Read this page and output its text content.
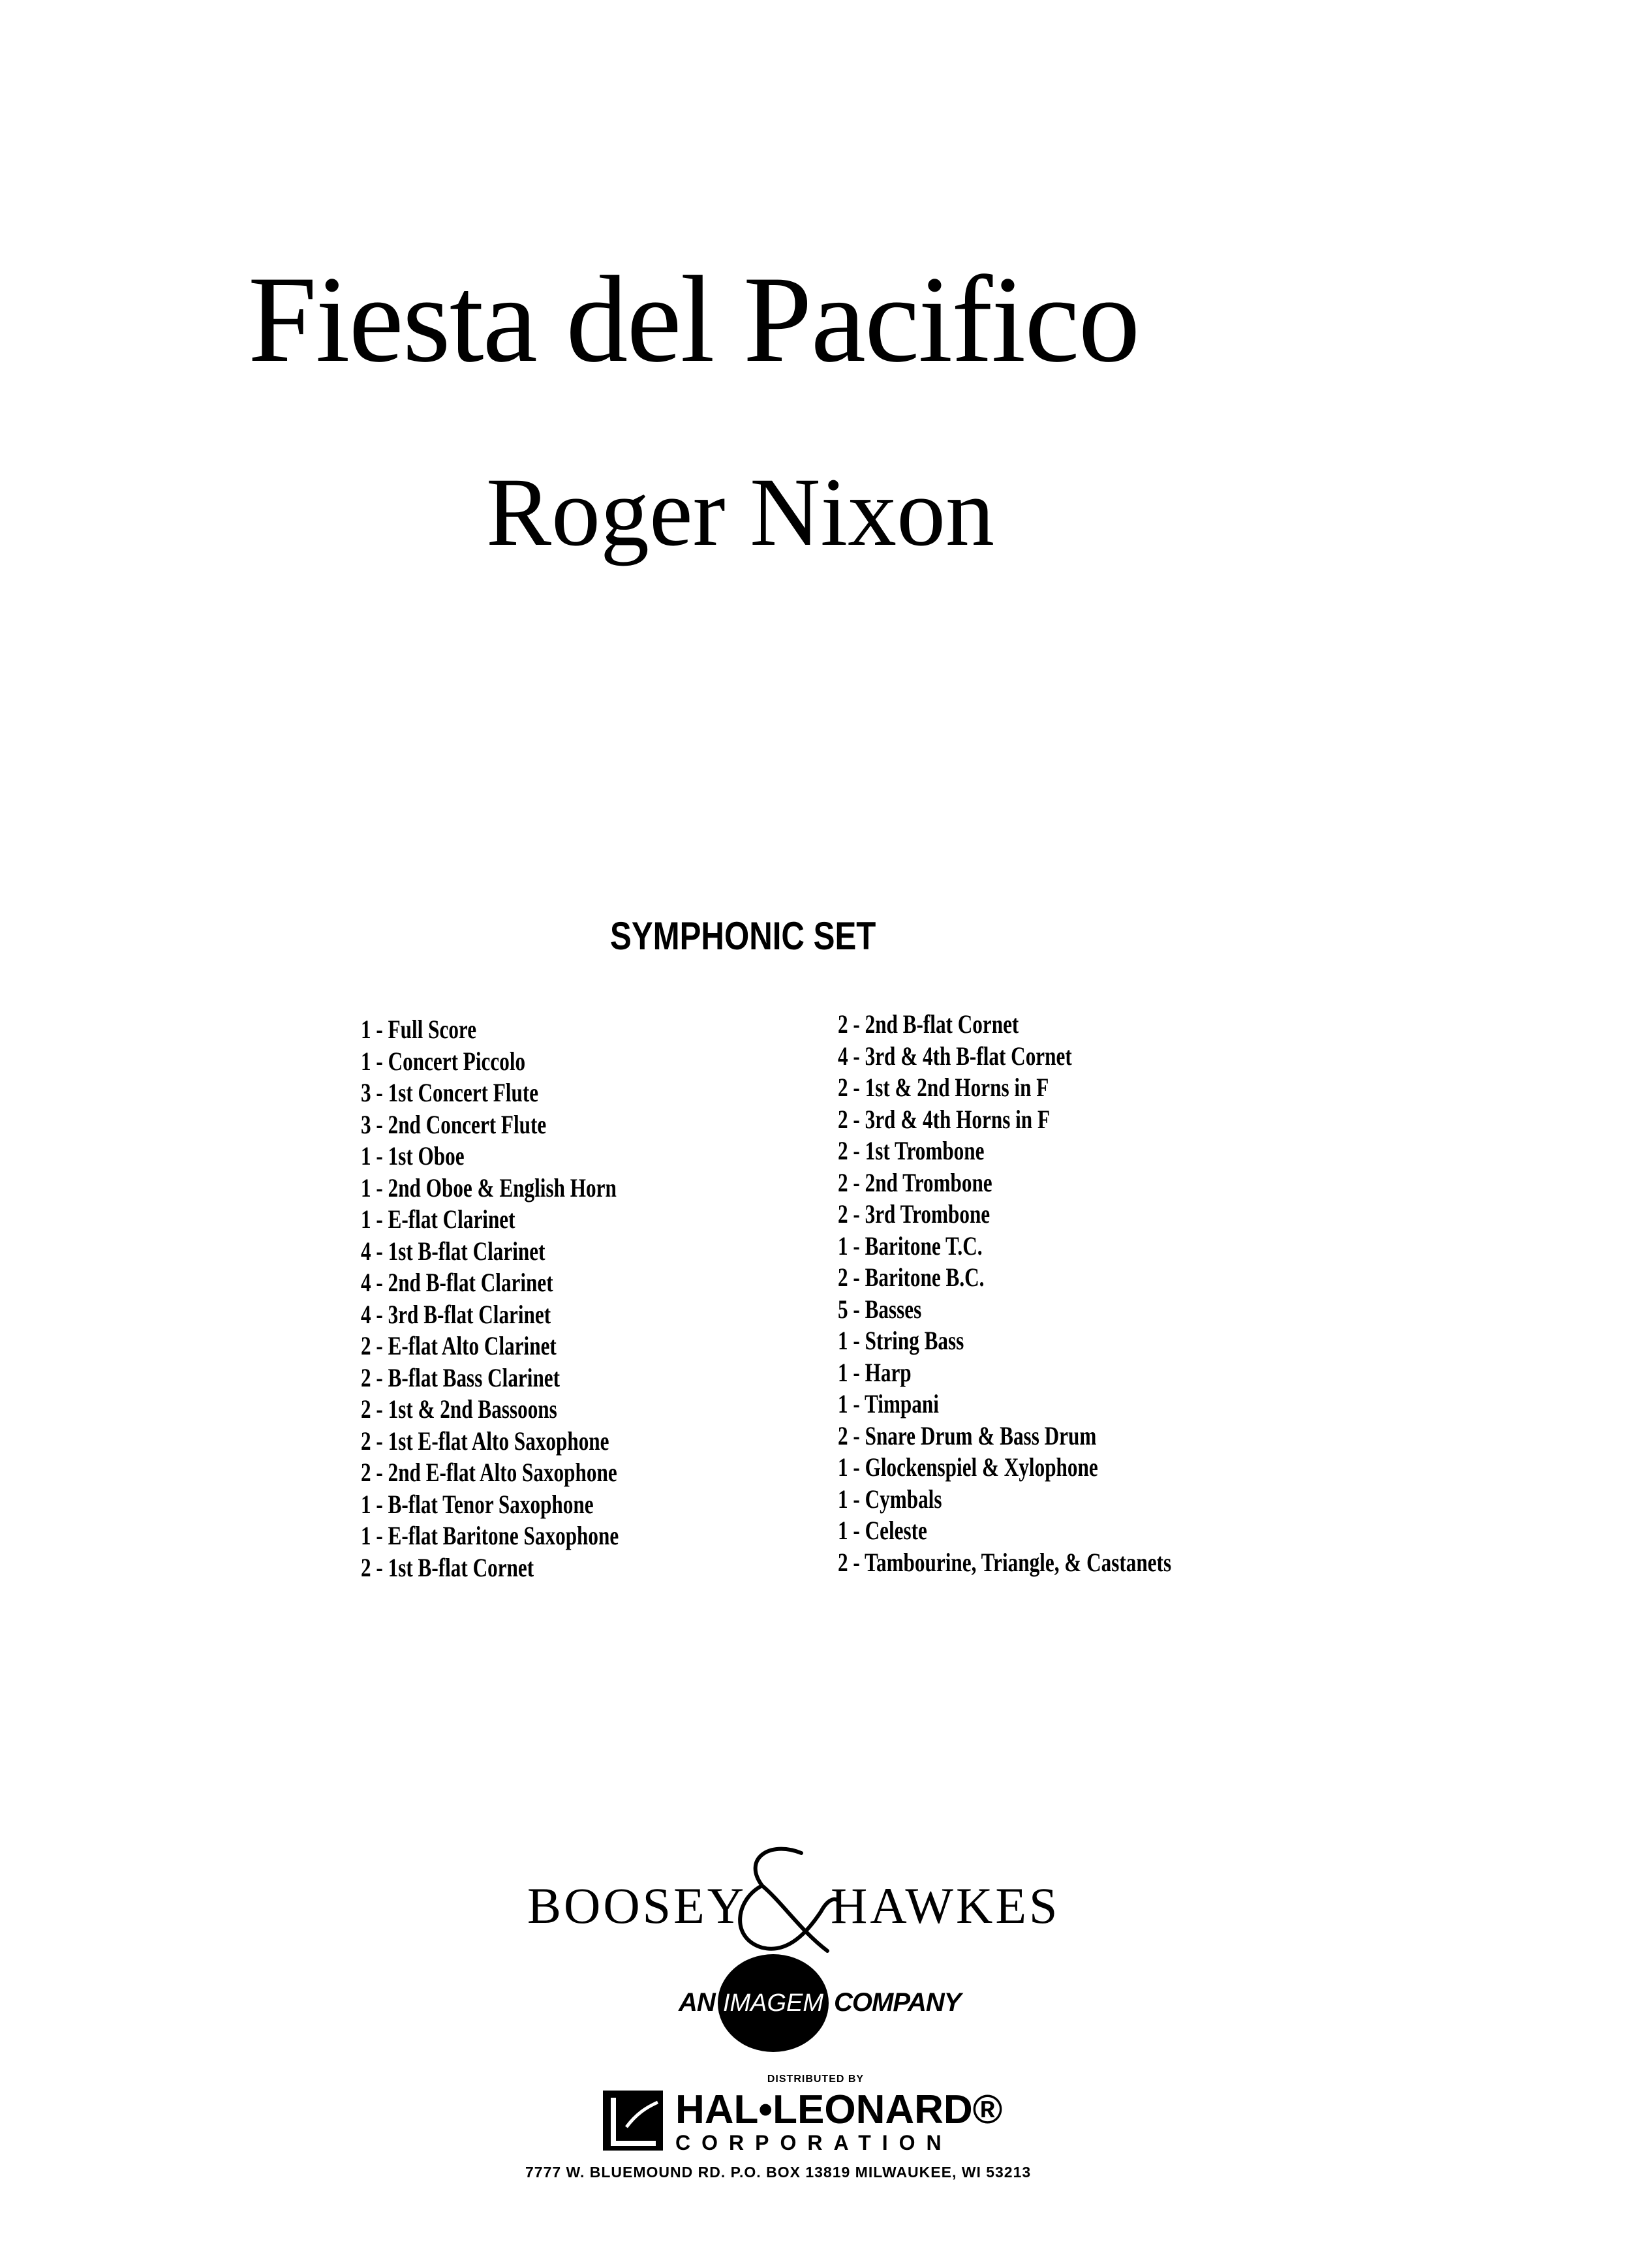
Fiesta del Pacifico
Roger Nixon
SYMPHONIC SET
1 - Full Score
1 - Concert Piccolo
3 - 1st Concert Flute
3 - 2nd Concert Flute
1 - 1st Oboe
1 - 2nd Oboe & English Horn
1 - E-flat Clarinet
4 - 1st B-flat Clarinet
4 - 2nd B-flat Clarinet
4 - 3rd B-flat Clarinet
2 - E-flat Alto Clarinet
2 - B-flat Bass Clarinet
2 - 1st & 2nd Bassoons
2 - 1st E-flat Alto Saxophone
2 - 2nd E-flat Alto Saxophone
1 - B-flat Tenor Saxophone
1 - E-flat Baritone Saxophone
2 - 1st B-flat Cornet
2 - 2nd B-flat Cornet
4 - 3rd & 4th B-flat Cornet
2 - 1st & 2nd Horns in F
2 - 3rd & 4th Horns in F
2 - 1st Trombone
2 - 2nd Trombone
2 - 3rd Trombone
1 - Baritone T.C.
2 - Baritone B.C.
5 - Basses
1 - String Bass
1 - Harp
1 - Timpani
2 - Snare Drum & Bass Drum
1 - Glockenspiel & Xylophone
1 - Cymbals
1 - Celeste
2 - Tambourine, Triangle, & Castanets
BOOSEY HAWKES
AN IMAGEM COMPANY
DISTRIBUTED BY
HAL•LEONARD®
CORPORATION
7777 W. BLUEMOUND RD. P.O. BOX 13819 MILWAUKEE, WI 53213
